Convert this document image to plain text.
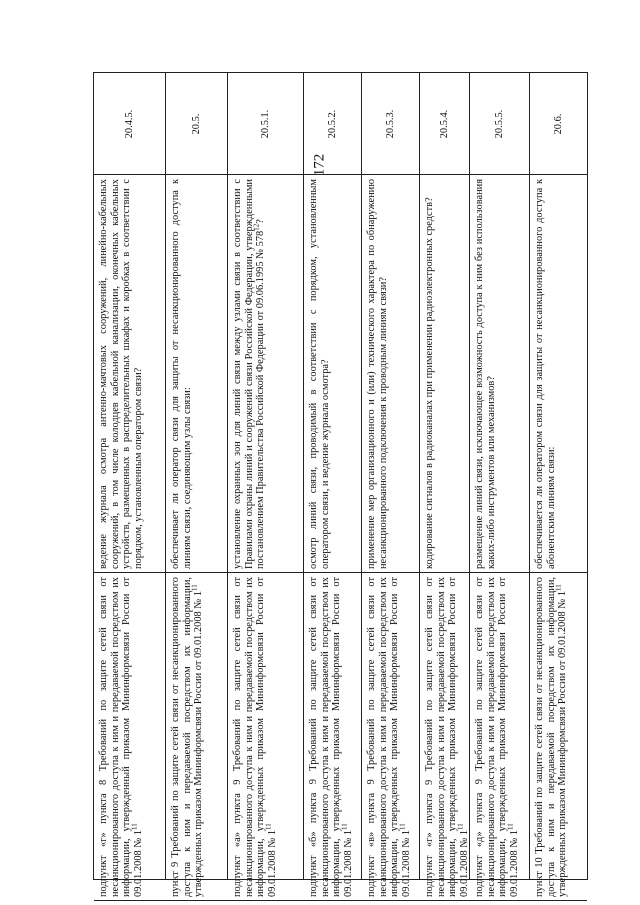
172
20.4.5.
ведение журнала осмотра антенно-мачтовых сооружений, линейно-кабельных сооружений, в том числе колодцев кабельной канализации, оконечных кабельных устройств, размещенных в распределительных шкафах и коробках в соответствии с порядком, установленным оператором связи?
подпункт «г» пункта 8 Требований по защите сетей связи от несанкционированного доступа к ним и передаваемой посредством их информации, утвержденный приказом Мининформсвязи России от 09.01.2008 № $1^{11}$
20.5.
обеспечивает ли оператор связи для защиты от несанкционированного доступа к линиям связи, соединяющим узлы связи:
пункт 9 Требований по защите сетей связи от несанкционированного доступа к ним и передаваемой посредством их информации, утвержденных приказом Мининформсвязи России от 09.01.2008 № $1^{11}$
20.5.1.
установление охранных зон для линий связи между узлами связи в соответствии с Правилами охраны линий и сооружений связи Российской Федерации, утвержденными постановлением Правительства Российской Федерации от 09.06.1995 № $578^{12}$?
подпункт «а» пункта 9 Требований по защите сетей связи от несанкционированного доступа к ним и передаваемой посредством их информации, утвержденных приказом Мининформсвязи России от 09.01.2008 № $1^{11}$
20.5.2.
осмотр линий связи, проводимый в соответствии с порядком, установленным оператором связи, и ведение журнала осмотра?
подпункт «б» пункта 9 Требований по защите сетей связи от несанкционированного доступа к ним и передаваемой посредством их информации, утвержденных приказом Мининформсвязи России от 09.01.2008 № $1^{11}$
20.5.3.
применение мер организационного и (или) технического характера по обнаружению несанкционированного подключения к проводным линиям связи?
подпункт «в» пункта 9 Требований по защите сетей связи от несанкционированного доступа к ним и передаваемой посредством их информации, утвержденных приказом Мининформсвязи России от 09.01.2008 № $1^{11}$
20.5.4.
кодирование сигналов в радиоканалах при применении радиоэлектронных средств?
подпункт «г» пункта 9 Требований по защите сетей связи от несанкционированного доступа к ним и передаваемой посредством их информации, утвержденных приказом Мининформсвязи России от 09.01.2008 № $1^{11}$
20.5.5.
размещение линий связи, исключающее возможность доступа к ним без использования каких-либо инструментов или механизмов?
подпункт «д» пункта 9 Требований по защите сетей связи от несанкционированного доступа к ним и передаваемой посредством их информации, утвержденных приказом Мининформсвязи России от 09.01.2008 № $1^{11}$
20.6.
обеспечивается ли оператором связи для защиты от несанкционированного доступа к абонентским линиям связи:
пункт 10 Требований по защите сетей связи от несанкционированного доступа к ним и передаваемой посредством их информации, утвержденных приказом Мининформсвязи России от 09.01.2008 № $1^{11}$
